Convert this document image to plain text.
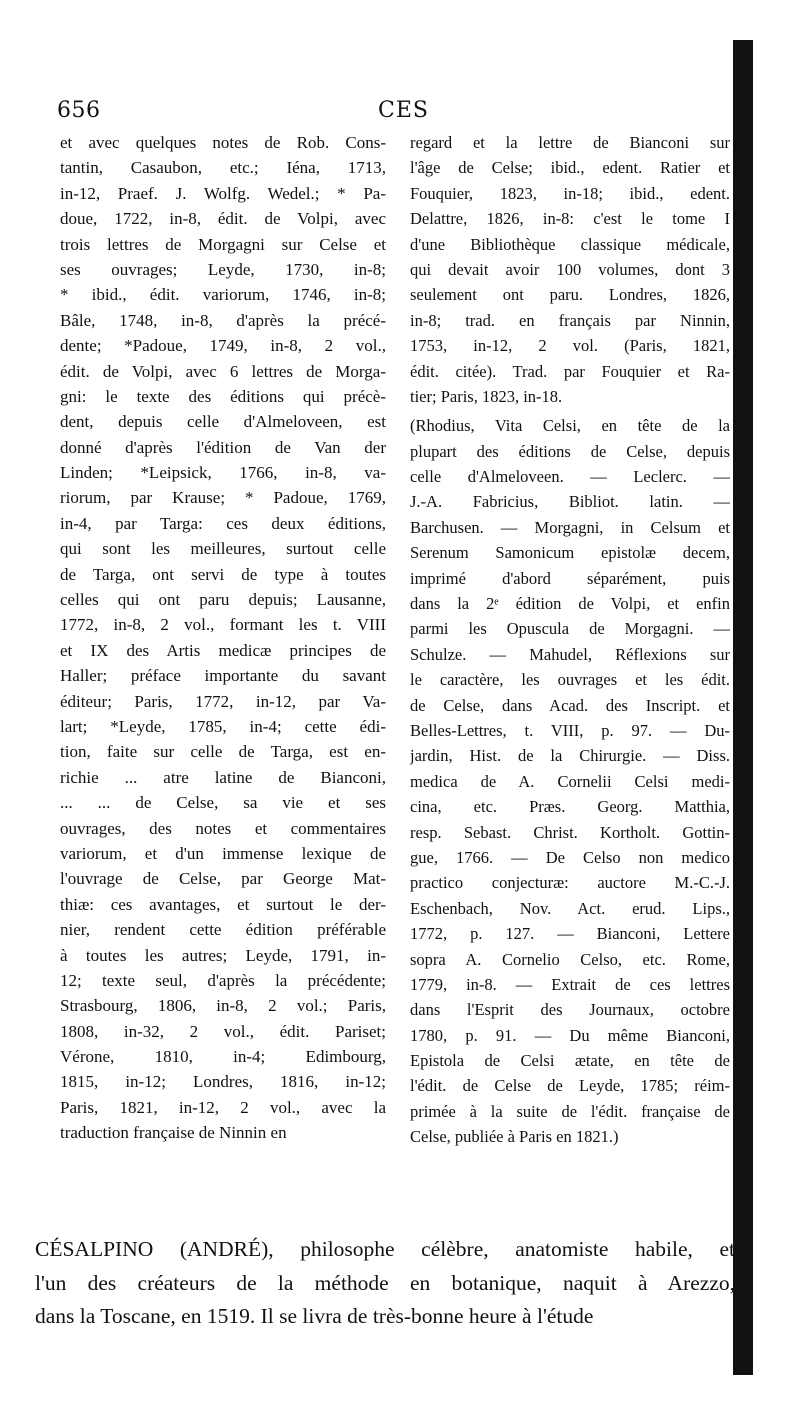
656	CES
et avec quelques notes de Rob. Cons-
tantin, Casaubon, etc.; Iéna, 1713,
in-12, Praef. J. Wolfg. Wedel.; * Pa-
doue, 1722, in-8, édit. de Volpi, avec
trois lettres de Morgagni sur Celse et
ses ouvrages; Leyde, 1730, in-8;
* ibid., édit. variorum, 1746, in-8;
Bâle, 1748, in-8, d'après la précé-
dente; *Padoue, 1749, in-8, 2 vol.,
édit. de Volpi, avec 6 lettres de Morga-
gni: le texte des éditions qui précè-
dent, depuis celle d'Almeloveen, est
donné d'après l'édition de Van der
Linden; *Leipsick, 1766, in-8, va-
riorum, par Krause; * Padoue, 1769,
in-4, par Targa: ces deux éditions,
qui sont les meilleures, surtout celle
de Targa, ont servi de type à toutes
celles qui ont paru depuis; Lausanne,
1772, in-8, 2 vol., formant les t. VIII
et IX des Artis medicæ principes de
Haller; préface importante du savant
éditeur; Paris, 1772, in-12, par Va-
lart; *Leyde, 1785, in-4; cette édi-
tion, faite sur celle de Targa, est en-
richie ... atre latine de Bianconi,
... ... de Celse, sa vie et ses
ouvrages, des notes et commentaires
variorum, et d'un immense lexique de
l'ouvrage de Celse, par George Mat-
thiæ: ces avantages, et surtout le der-
nier, rendent cette édition préférable
à toutes les autres; Leyde, 1791, in-
12; texte seul, d'après la précédente;
Strasbourg, 1806, in-8, 2 vol.; Paris,
1808, in-32, 2 vol., édit. Pariset;
Vérone, 1810, in-4; Edimbourg,
1815, in-12; Londres, 1816, in-12;
Paris, 1821, in-12, 2 vol., avec la
traduction française de Ninnin en
regard et la lettre de Bianconi sur
l'âge de Celse; ibid., edent. Ratier et
Fouquier, 1823, in-18; ibid., edent.
Delattre, 1826, in-8: c'est le tome I
d'une Bibliothèque classique médicale,
qui devait avoir 100 volumes, dont 3
seulement ont paru. Londres, 1826,
in-8; trad. en français par Ninnin,
1753, in-12, 2 vol. (Paris, 1821,
édit. citée). Trad. par Fouquier et Ra-
tier; Paris, 1823, in-18.
(Rhodius, Vita Celsi, en tête de la
plupart des éditions de Celse, depuis
celle d'Almeloveen. — Leclerc. —
J.-A. Fabricius, Bibliot. latin. —
Barchusen. — Morgagni, in Celsum et
Serenum Samonicum epistolæ decem,
imprimé d'abord séparément, puis
dans la 2ᵉ édition de Volpi, et enfin
parmi les Opuscula de Morgagni. —
Schulze. — Mahudel, Réflexions sur
le caractère, les ouvrages et les édit.
de Celse, dans Acad. des Inscript. et
Belles-Lettres, t. VIII, p. 97. — Du-
jardin, Hist. de la Chirurgie. — Diss.
medica de A. Cornelii Celsi medi-
cina, etc. Præs. Georg. Matthia,
resp. Sebast. Christ. Kortholt. Gottin-
gue, 1766. — De Celso non medico
practico conjecturæ: auctore M.-C.-J.
Eschenbach, Nov. Act. erud. Lips.,
1772, p. 127. — Bianconi, Lettere
sopra A. Cornelio Celso, etc. Rome,
1779, in-8. — Extrait de ces lettres
dans l'Esprit des Journaux, octobre
1780, p. 91. — Du même Bianconi,
Epistola de Celsi ætate, en tête de
l'édit. de Celse de Leyde, 1785; réim-
primée à la suite de l'édit. française de
Celse, publiée à Paris en 1821.)
CÉSALPINO (ANDRÉ), philosophe célèbre, anatomiste habile, et
l'un des créateurs de la méthode en botanique, naquit à Arezzo,
dans la Toscane, en 1519. Il se livra de très-bonne heure à l'étude
